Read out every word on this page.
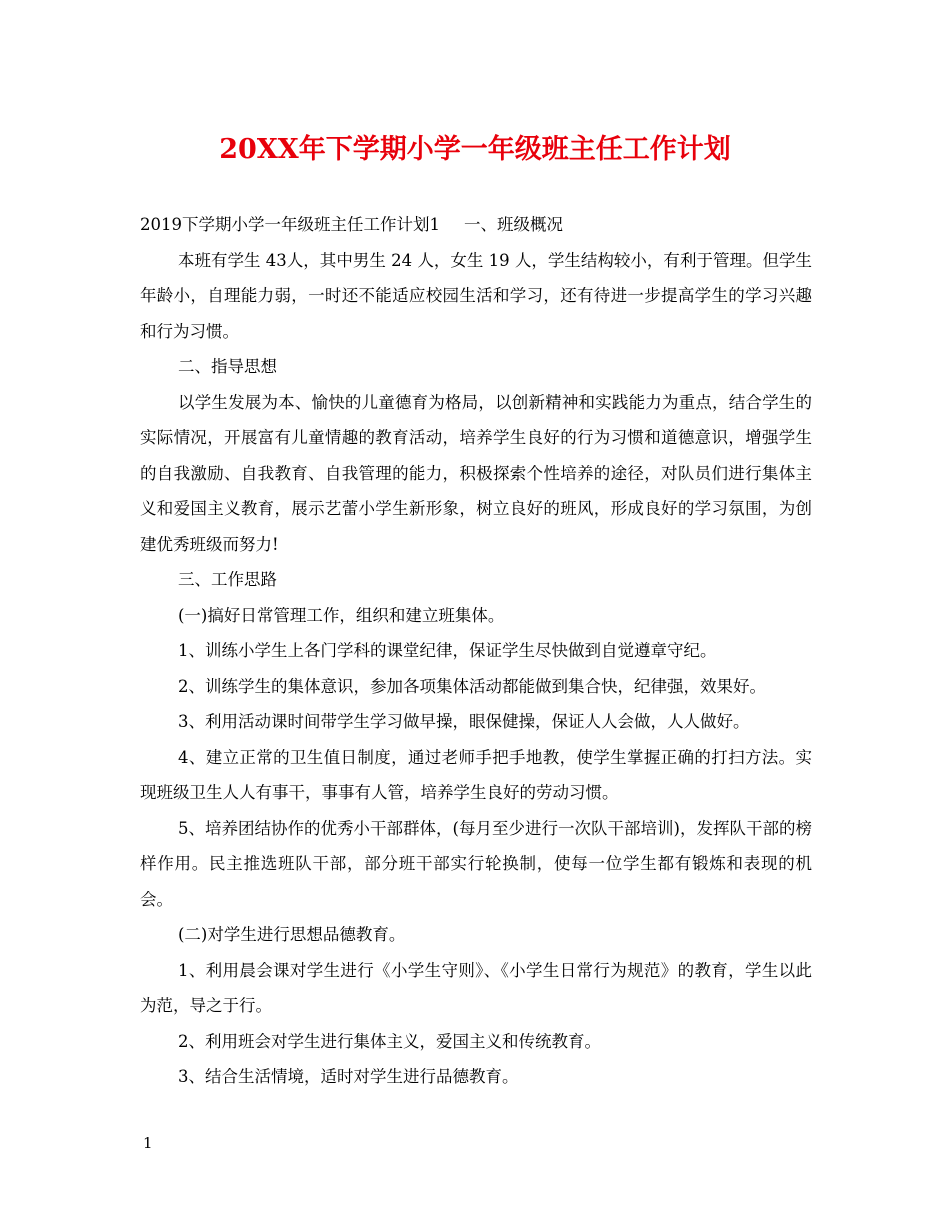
20XX年下学期小学一年级班主任工作计划

2019下学期小学一年级班主任工作计划1 一、班级概况

本班有学生 43人，其中男生 24 人，女生 19 人，学生结构较小，有利于管理。但学生年龄小，自理能力弱，一时还不能适应校园生活和学习，还有待进一步提高学生的学习兴趣和行为习惯。

二、指导思想

以学生发展为本、愉快的儿童德育为格局，以创新精神和实践能力为重点，结合学生的实际情况，开展富有儿童情趣的教育活动，培养学生良好的行为习惯和道德意识，增强学生的自我激励、自我教育、自我管理的能力，积极探索个性培养的途径，对队员们进行集体主义和爱国主义教育，展示艺蕾小学生新形象，树立良好的班风，形成良好的学习氛围，为创建优秀班级而努力!

三、工作思路

(一)搞好日常管理工作，组织和建立班集体。

1、训练小学生上各门学科的课堂纪律，保证学生尽快做到自觉遵章守纪。

2、训练学生的集体意识，参加各项集体活动都能做到集合快，纪律强，效果好。

3、利用活动课时间带学生学习做早操，眼保健操，保证人人会做，人人做好。

4、建立正常的卫生值日制度，通过老师手把手地教，使学生掌握正确的打扫方法。实现班级卫生人人有事干，事事有人管，培养学生良好的劳动习惯。

5、培养团结协作的优秀小干部群体，(每月至少进行一次队干部培训)，发挥队干部的榜样作用。民主推选班队干部，部分班干部实行轮换制，使每一位学生都有锻炼和表现的机会。

(二)对学生进行思想品德教育。

1、利用晨会课对学生进行《小学生守则》、《小学生日常行为规范》的教育，学生以此为范，导之于行。

2、利用班会对学生进行集体主义，爱国主义和传统教育。

3、结合生活情境，适时对学生进行品德教育。

1
